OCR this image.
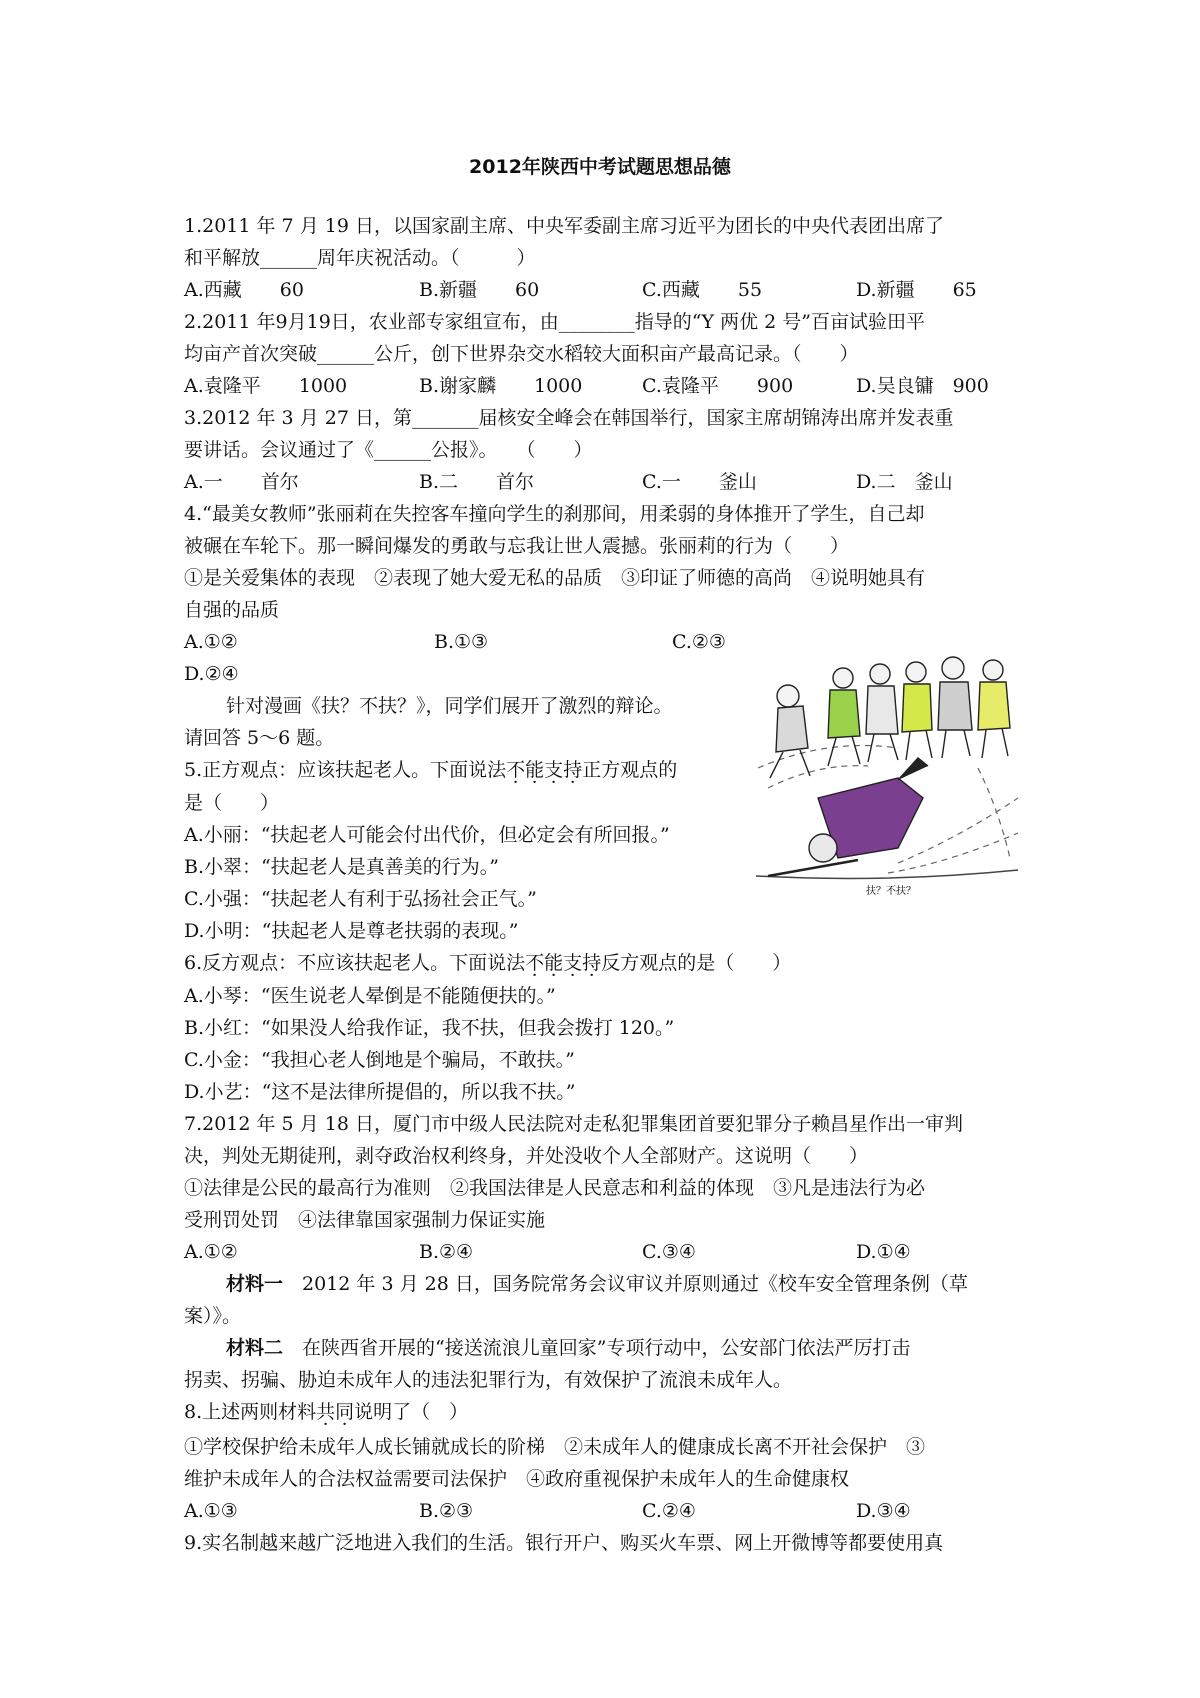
2012年陕西中考试题思想品德
1.2011 年 7 月 19 日，以国家副主席、中央军委副主席习近平为团长的中央代表团出席了
和平解放______周年庆祝活动。（　　　）
A.西藏　　60	B.新疆　　60	C.西藏　　55	D.新疆　　65
2.2011 年9月19日，农业部专家组宣布，由________指导的“Y 两优 2 号”百亩试验田平
均亩产首次突破______公斤，创下世界杂交水稻较大面积亩产最高记录。（　　）
A.袁隆平　　1000	B.谢家麟　　1000	C.袁隆平　　900	D.吴良镛　900
3.2012 年 3 月 27 日，第_______届核安全峰会在韩国举行，国家主席胡锦涛出席并发表重
要讲话。会议通过了《______公报》。　　（　　）
A.一　　首尔	B.二　　首尔	C.一　　釜山	D.二　釜山
4.“最美女教师”张丽莉在失控客车撞向学生的刹那间，用柔弱的身体推开了学生，自己却
被碾在车轮下。那一瞬间爆发的勇敢与忘我让世人震撼。张丽莉的行为（　　）
①是关爱集体的表现　②表现了她大爱无私的品质　③印证了师德的高尚　④说明她具有
自强的品质
A.①②	B.①③	C.②③
D.②④
针对漫画《扶？不扶？》，同学们展开了激烈的辩论。
请回答 5～6 题。
5.正方观点：应该扶起老人。下面说法不能支持正方观点的
是（　　）
A.小丽：“扶起老人可能会付出代价，但必定会有所回报。”
B.小翠：“扶起老人是真善美的行为。”
C.小强：“扶起老人有利于弘扬社会正气。”
D.小明：“扶起老人是尊老扶弱的表现。”
扶？不扶？
6.反方观点：不应该扶起老人。下面说法不能支持反方观点的是（　　）
A.小琴：“医生说老人晕倒是不能随便扶的。”
B.小红：“如果没人给我作证，我不扶，但我会拨打 120。”
C.小金：“我担心老人倒地是个骗局，不敢扶。”
D.小艺：“这不是法律所提倡的，所以我不扶。”
7.2012 年 5 月 18 日，厦门市中级人民法院对走私犯罪集团首要犯罪分子赖昌星作出一审判
决，判处无期徒刑，剥夺政治权利终身，并处没收个人全部财产。这说明（　　）
①法律是公民的最高行为准则　②我国法律是人民意志和利益的体现　③凡是违法行为必
受刑罚处罚　④法律靠国家强制力保证实施
A.①②	B.②④	C.③④	D.①④
材料一　2012 年 3 月 28 日，国务院常务会议审议并原则通过《校车安全管理条例（草
案）》。
材料二　在陕西省开展的“接送流浪儿童回家”专项行动中，公安部门依法严厉打击
拐卖、拐骗、胁迫未成年人的违法犯罪行为，有效保护了流浪未成年人。
8.上述两则材料共同说明了（　）
①学校保护给未成年人成长铺就成长的阶梯　②未成年人的健康成长离不开社会保护　③
维护未成年人的合法权益需要司法保护　④政府重视保护未成年人的生命健康权
A.①③	B.②③	C.②④	D.③④
9.实名制越来越广泛地进入我们的生活。银行开户、购买火车票、网上开微博等都要使用真
